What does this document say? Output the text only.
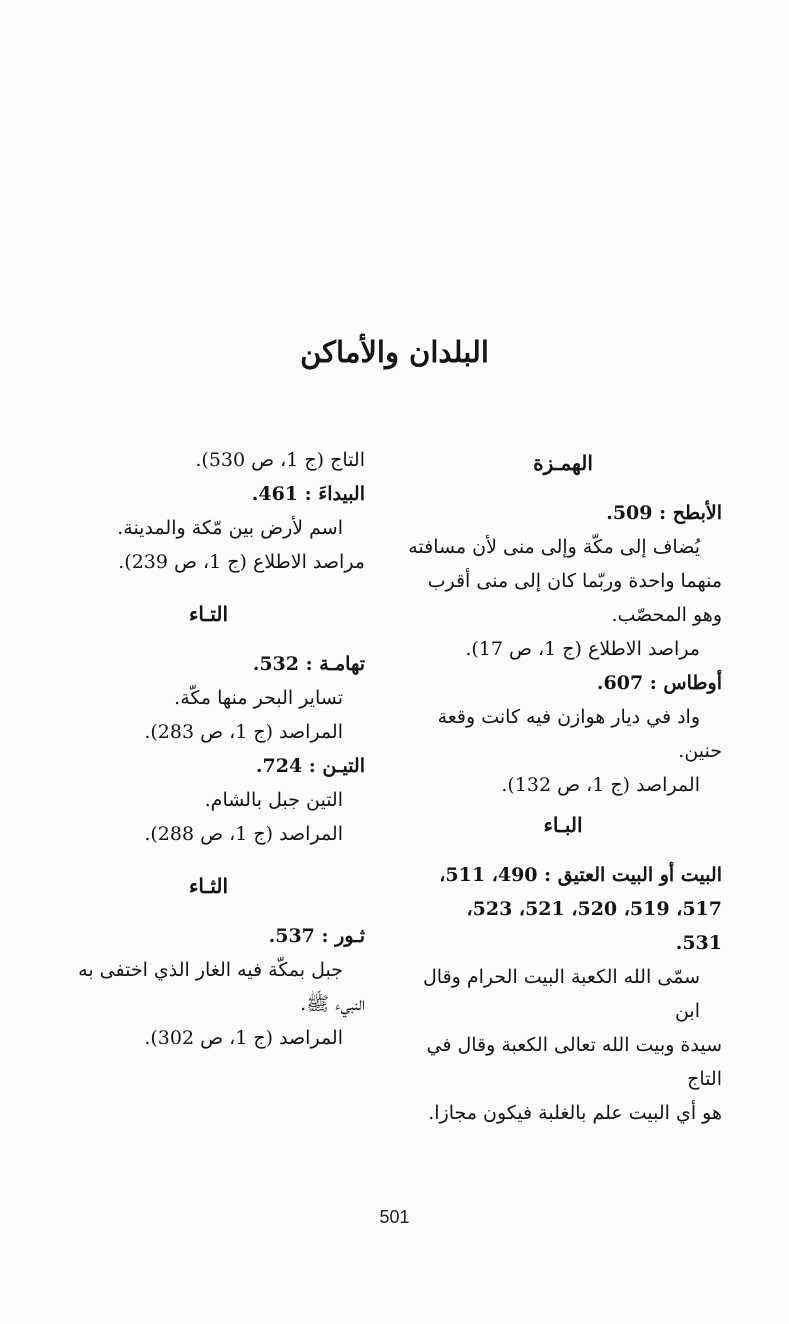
البلدان والأماكن
الهمـزة
الأبطح : 509.
يُضاف إلى مكّة وإلى منى لأن مسافته
منهما واحدة وربّما كان إلى منى أقرب
وهو المحصّب.
مراصد الاطلاع (ج 1، ص 17).
أوطاس : 607.
واد في ديار هوازن فيه كانت وقعة
حنين.
المراصد (ج 1، ص 132).
البـاء
البيت أو البيت العتيق : 490، 511،
517، 519، 520، 521، 523،
531.
سمّى الله الكعبة البيت الحرام وقال ابن
سيدة وبيت الله تعالى الكعبة وقال في التاج
هو أي البيت علم بالغلبة فيكون مجازا.
التاج (ج 1، ص 530).
البيداءَ : 461.
اسم لأرض بين مّكة والمدينة.
مراصد الاطلاع (ج 1، ص 239).
التـاء
تهامـة : 532.
تساير البحر منها مكّة.
المراصد (ج 1، ص 283).
التيـن : 724.
التين جبل بالشام.
المراصد (ج 1، ص 288).
الثـاء
ثـور : 537.
جبل بمكّة فيه الغار الذي اختفى به
النبيء ﷺ.
المراصد (ج 1، ص 302).
501
